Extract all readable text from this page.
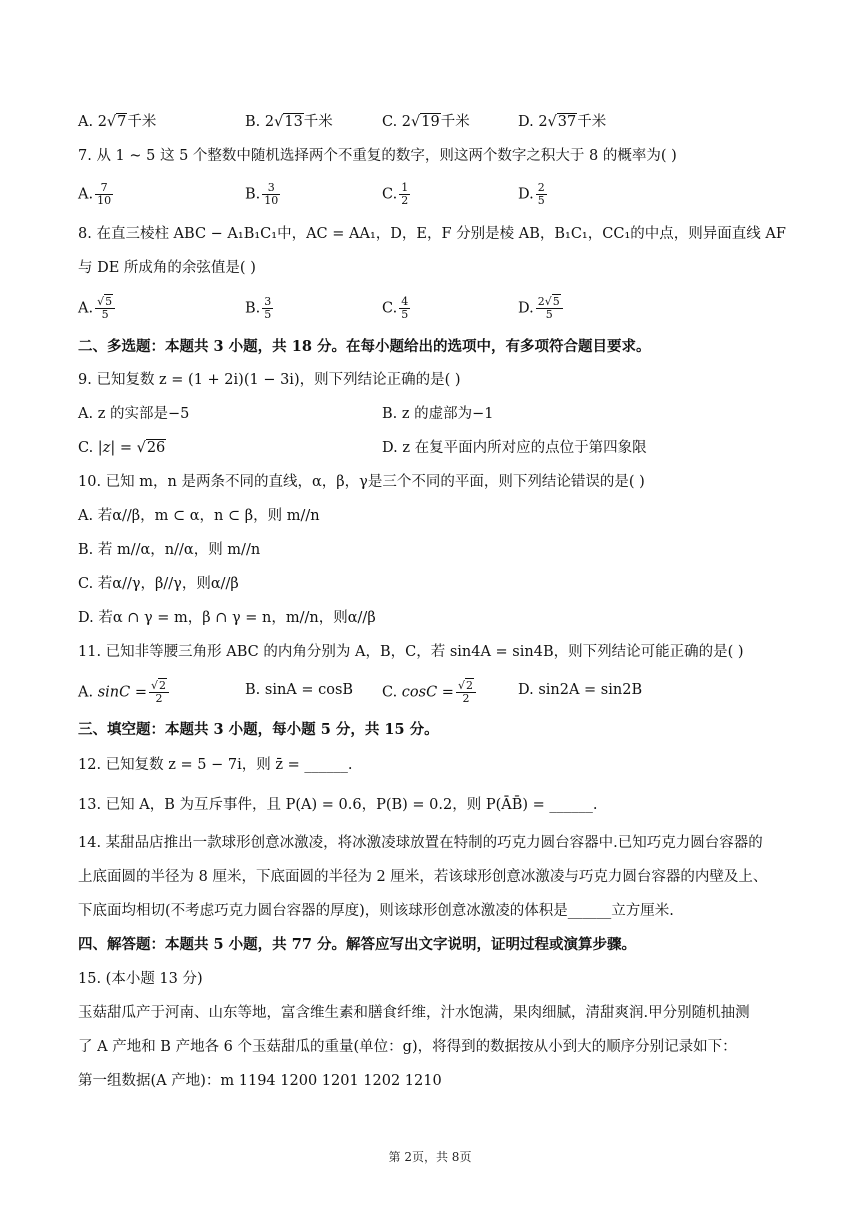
A. 2√7千米	B. 2√13千米	C. 2√19千米	D. 2√37千米
7. 从 1 ~ 5 这 5 个整数中随机选择两个不重复的数字，则这两个数字之积大于 8 的概率为( )
A. $\frac{7}{10}$	B. $\frac{3}{10}$	C. $\frac{1}{2}$	D. $\frac{2}{5}$
8. 在直三棱柱 ABC − A₁B₁C₁中，AC = AA₁，D，E，F 分别是棱 AB，B₁C₁，CC₁的中点，则异面直线 AF
与 DE 所成角的余弦值是( )
A. $\frac{√5}{5}$	B. $\frac{3}{5}$	C. $\frac{4}{5}$	D. $\frac{2√5}{5}$
二、多选题：本题共 3 小题，共 18 分。在每小题给出的选项中，有多项符合题目要求。
9. 已知复数 z = (1 + 2i)(1 − 3i)，则下列结论正确的是( )
A. z 的实部是−5	B. z 的虚部为−1
C. |z| = √26	D. z 在复平面内所对应的点位于第四象限
10. 已知 m，n 是两条不同的直线，α，β，γ是三个不同的平面，则下列结论错误的是( )
A. 若α//β，m ⊂ α，n ⊂ β，则 m//n
B. 若 m//α，n//α，则 m//n
C. 若α//γ，β//γ，则α//β
D. 若α ∩ γ = m，β ∩ γ = n，m//n，则α//β
11. 已知非等腰三角形 ABC 的内角分别为 A，B，C，若 sin4A = sin4B，则下列结论可能正确的是( )
A. $\sin C = \frac{√2}{2}$	B. sinA = cosB C. $\cos C = \frac{√2}{2}$	D. sin2A = sin2B
三、填空题：本题共 3 小题，每小题 5 分，共 15 分。
12. 已知复数 z = 5 − 7i，则 z̄ = ______.
13. 已知 A，B 为互斥事件，且 P(A) = 0.6，P(B) = 0.2，则 P(ĀB̄) = ______.
14. 某甜品店推出一款球形创意冰激凌，将冰激凌球放置在特制的巧克力圆台容器中.已知巧克力圆台容器的
上底面圆的半径为 8 厘米，下底面圆的半径为 2 厘米，若该球形创意冰激凌与巧克力圆台容器的内壁及上、
下底面均相切(不考虑巧克力圆台容器的厚度)，则该球形创意冰激凌的体积是______立方厘米.
四、解答题：本题共 5 小题，共 77 分。解答应写出文字说明，证明过程或演算步骤。
15. (本小题 13 分)
玉菇甜瓜产于河南、山东等地，富含维生素和膳食纤维，汁水饱满，果肉细腻，清甜爽润.甲分别随机抽测
了 A 产地和 B 产地各 6 个玉菇甜瓜的重量(单位：g)，将得到的数据按从小到大的顺序分别记录如下：
第一组数据(A 产地)：m 1194 1200 1201 1202 1210
第 2页，共 8页
